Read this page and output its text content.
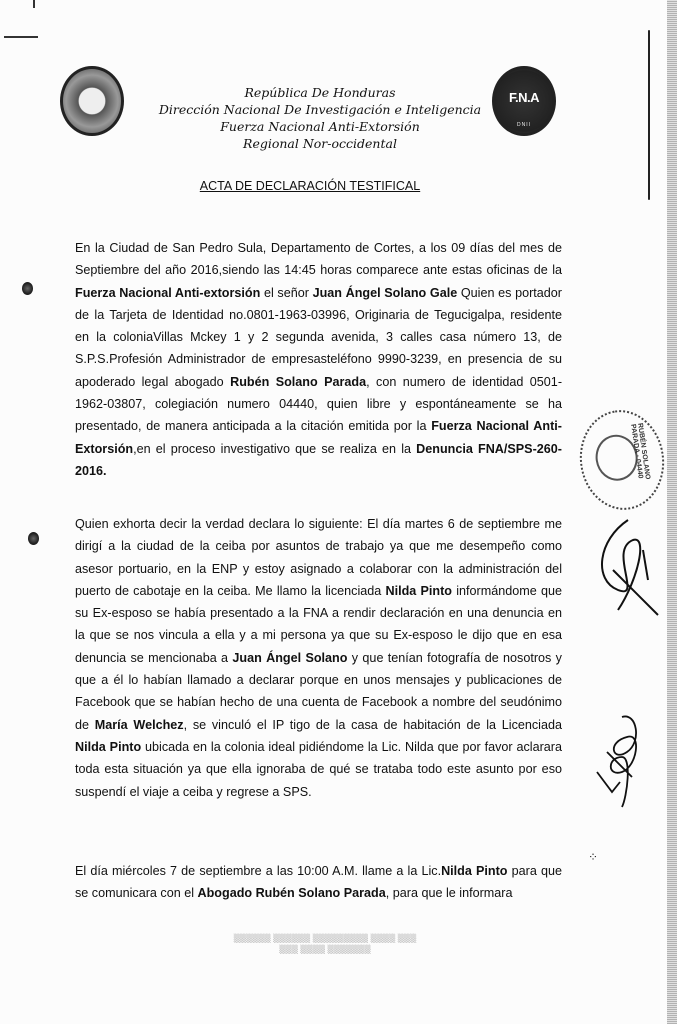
F.N.A
DNII
República De Honduras
Dirección Nacional De Investigación e Inteligencia
Fuerza Nacional Anti-Extorsión
Regional Nor-occidental
ACTA DE DECLARACIÓN TESTIFICAL

En la Ciudad de San Pedro Sula, Departamento de Cortes, a los 09 días del mes de Septiembre del año 2016,siendo las 14:45 horas comparece ante estas oficinas de la Fuerza Nacional Anti-extorsión el señor Juan Ángel Solano Gale Quien es portador de la Tarjeta de Identidad no.0801-1963-03996, Originaria de Tegucigalpa, residente en la coloniaVillas Mckey 1 y 2 segunda avenida, 3 calles casa número 13, de S.P.S.Profesión Administrador de empresasteléfono 9990-3239, en presencia de su apoderado legal abogado Rubén Solano Parada, con numero de identidad 0501-1962-03807, colegiación numero 04440, quien libre y espontáneamente se ha presentado, de manera anticipada a la citación emitida por la Fuerza Nacional Anti-Extorsión,en el proceso investigativo que se realiza en la Denuncia FNA/SPS-260-2016.

Quien exhorta decir la verdad declara lo siguiente: El día martes 6 de septiembre me dirigí a la ciudad de la ceiba por asuntos de trabajo ya que me desempeño como asesor portuario, en la ENP y estoy asignado a colaborar con la administración del puerto de cabotaje en la ceiba. Me llamo la licenciada Nilda Pinto informándome que su Ex-esposo se había presentado a la FNA a rendir declaración en una denuncia en la que se nos vincula a ella y a mi persona ya que su Ex-esposo le dijo que en esa denuncia se mencionaba a Juan Ángel Solano y que tenían fotografía de nosotros y que a él lo habían llamado a declarar porque en unos mensajes y publicaciones de Facebook que se habían hecho de una cuenta de Facebook a nombre del seudónimo de María Welchez, se vinculó el IP tigo de la casa de habitación de la Licenciada Nilda Pinto ubicada en la colonia ideal pidiéndome la Lic. Nilda que por favor aclarara toda esta situación ya que ella ignoraba de qué se trataba todo este asunto por eso suspendí el viaje a ceiba y regrese a SPS.

El día miércoles 7 de septiembre a las 10:00 A.M. llame a la Lic.Nilda Pinto para que se comunicara con el Abogado Rubén Solano Parada, para que le informara

RUBÉN SOLANO PARADA · 04440
⁘
▒▒▒▒▒▒ ▒▒▒▒▒▒ ▒▒▒▒▒▒▒▒▒ ▒▒▒▒ ▒▒▒
▒▒▒ ▒▒▒▒ ▒▒▒▒▒▒▒
